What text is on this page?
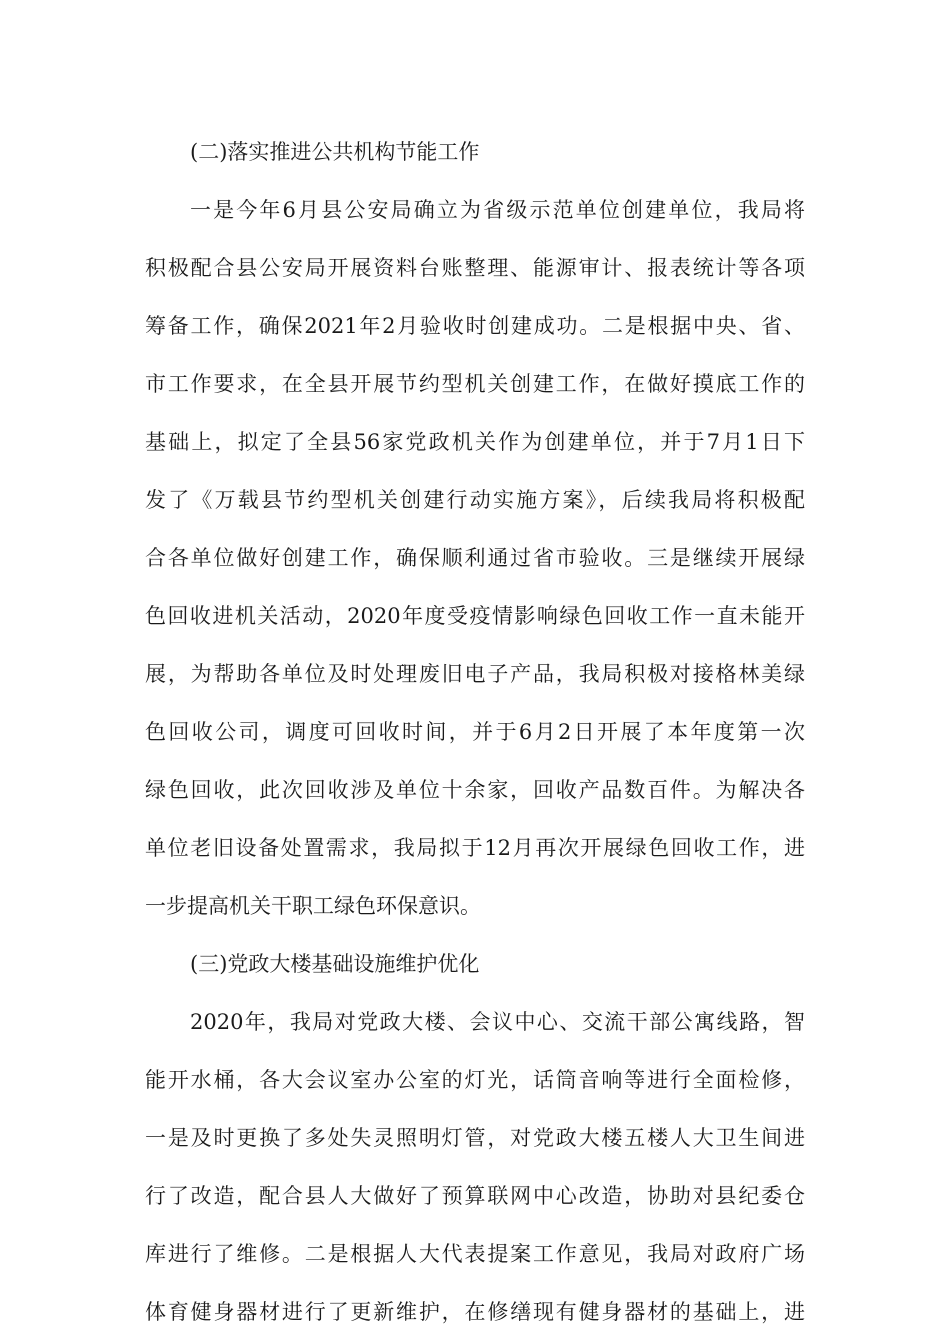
(二)落实推进公共机构节能工作
一是今年6月县公安局确立为省级示范单位创建单位，我局将
积极配合县公安局开展资料台账整理、能源审计、报表统计等各项
筹备工作，确保2021年2月验收时创建成功。二是根据中央、省、
市工作要求，在全县开展节约型机关创建工作，在做好摸底工作的
基础上，拟定了全县56家党政机关作为创建单位，并于7月1日下
发了《万载县节约型机关创建行动实施方案》，后续我局将积极配
合各单位做好创建工作，确保顺利通过省市验收。三是继续开展绿
色回收进机关活动，2020年度受疫情影响绿色回收工作一直未能开
展，为帮助各单位及时处理废旧电子产品，我局积极对接格林美绿
色回收公司，调度可回收时间，并于6月2日开展了本年度第一次
绿色回收，此次回收涉及单位十余家，回收产品数百件。为解决各
单位老旧设备处置需求，我局拟于12月再次开展绿色回收工作，进
一步提高机关干职工绿色环保意识。
(三)党政大楼基础设施维护优化
2020年，我局对党政大楼、会议中心、交流干部公寓线路，智
能开水桶，各大会议室办公室的灯光，话筒音响等进行全面检修，
一是及时更换了多处失灵照明灯管，对党政大楼五楼人大卫生间进
行了改造，配合县人大做好了预算联网中心改造，协助对县纪委仓
库进行了维修。二是根据人大代表提案工作意见，我局对政府广场
体育健身器材进行了更新维护，在修缮现有健身器材的基础上，进
